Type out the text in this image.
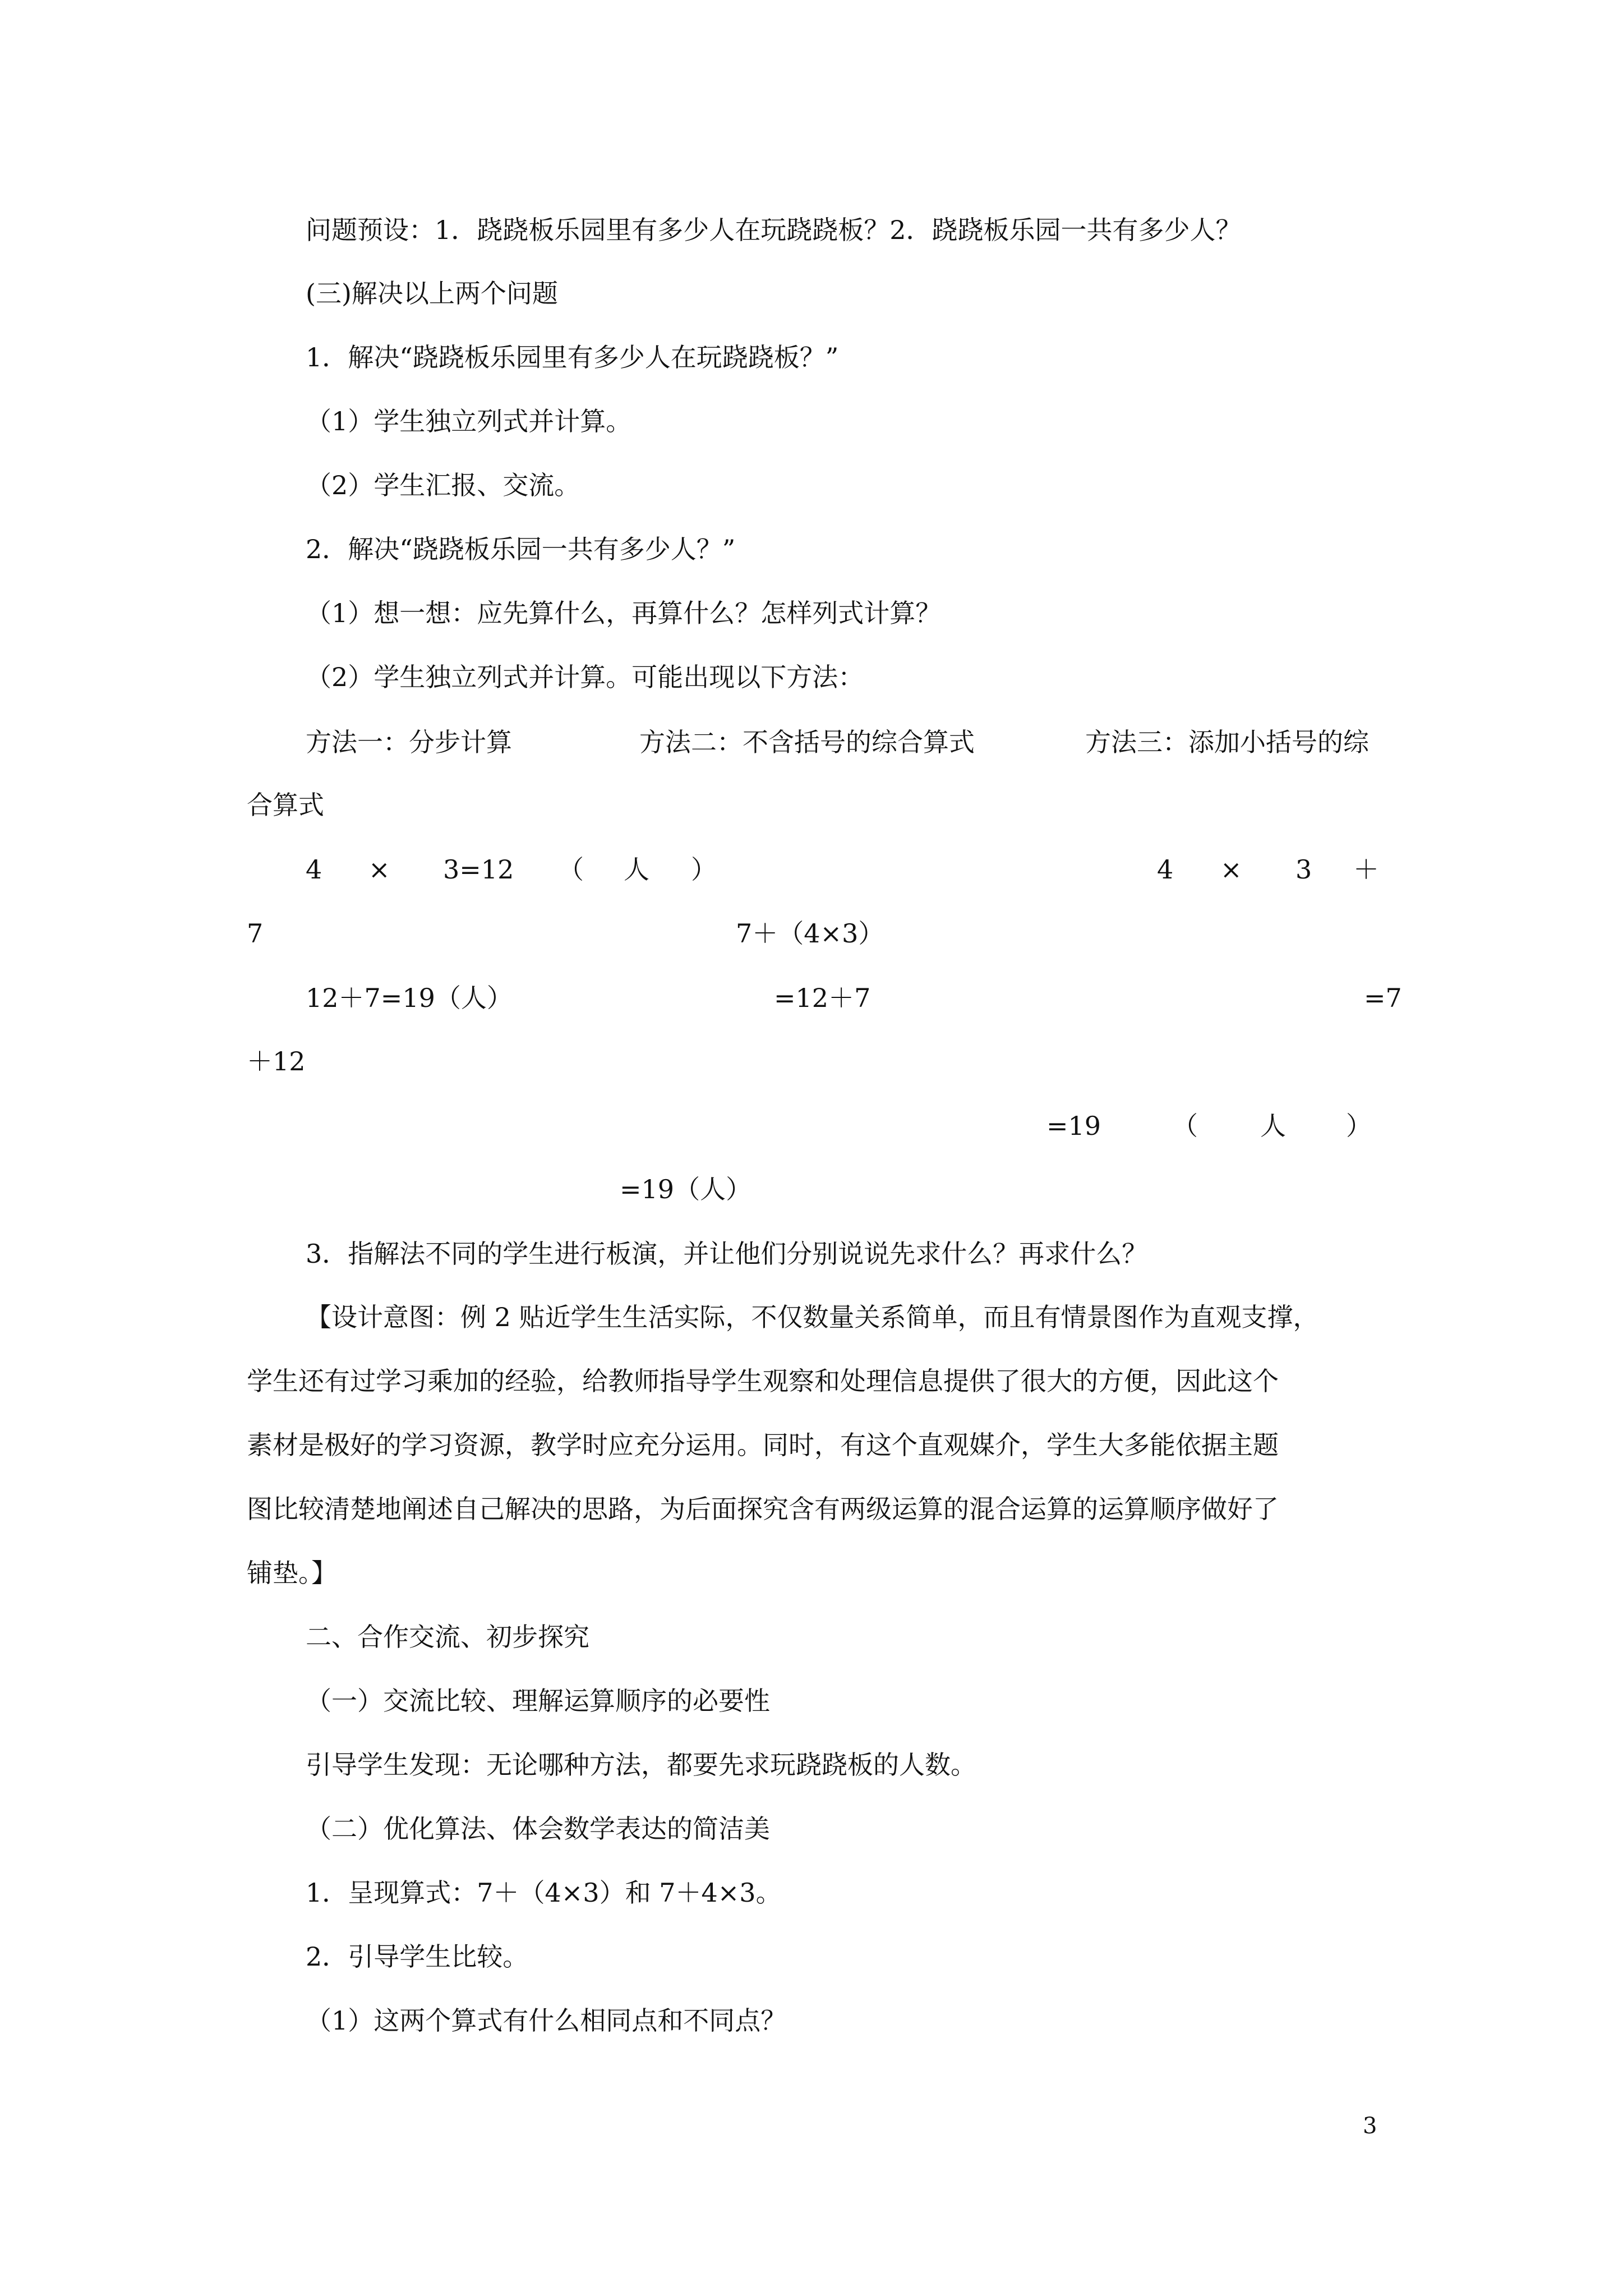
问题预设：1．跷跷板乐园里有多少人在玩跷跷板？2．跷跷板乐园一共有多少人？
(三)解决以上两个问题
1．解决“跷跷板乐园里有多少人在玩跷跷板？”
（1）学生独立列式并计算。
（2）学生汇报、交流。
2．解决“跷跷板乐园一共有多少人？”
（1）想一想：应先算什么，再算什么？怎样列式计算？
（2）学生独立列式并计算。可能出现以下方法：
方法一：分步计算	方法二：不含括号的综合算式	方法三：添加小括号的综
合算式
4 × 3=12 （ 人 ）	4 × 3 ＋
7	7＋（4×3）
12＋7=19（人）	=12＋7	=7
＋12
=19	（ 人 ）
=19（人）
3．指解法不同的学生进行板演，并让他们分别说说先求什么？再求什么？
【设计意图：例 2 贴近学生生活实际，不仅数量关系简单，而且有情景图作为直观支撑，
学生还有过学习乘加的经验，给教师指导学生观察和处理信息提供了很大的方便，因此这个
素材是极好的学习资源，教学时应充分运用。同时，有这个直观媒介，学生大多能依据主题
图比较清楚地阐述自己解决的思路，为后面探究含有两级运算的混合运算的运算顺序做好了
铺垫。】
二、合作交流、初步探究
（一）交流比较、理解运算顺序的必要性
引导学生发现：无论哪种方法，都要先求玩跷跷板的人数。
（二）优化算法、体会数学表达的简洁美
1．呈现算式：7＋（4×3）和 7＋4×3。
2．引导学生比较。
（1）这两个算式有什么相同点和不同点？
3
